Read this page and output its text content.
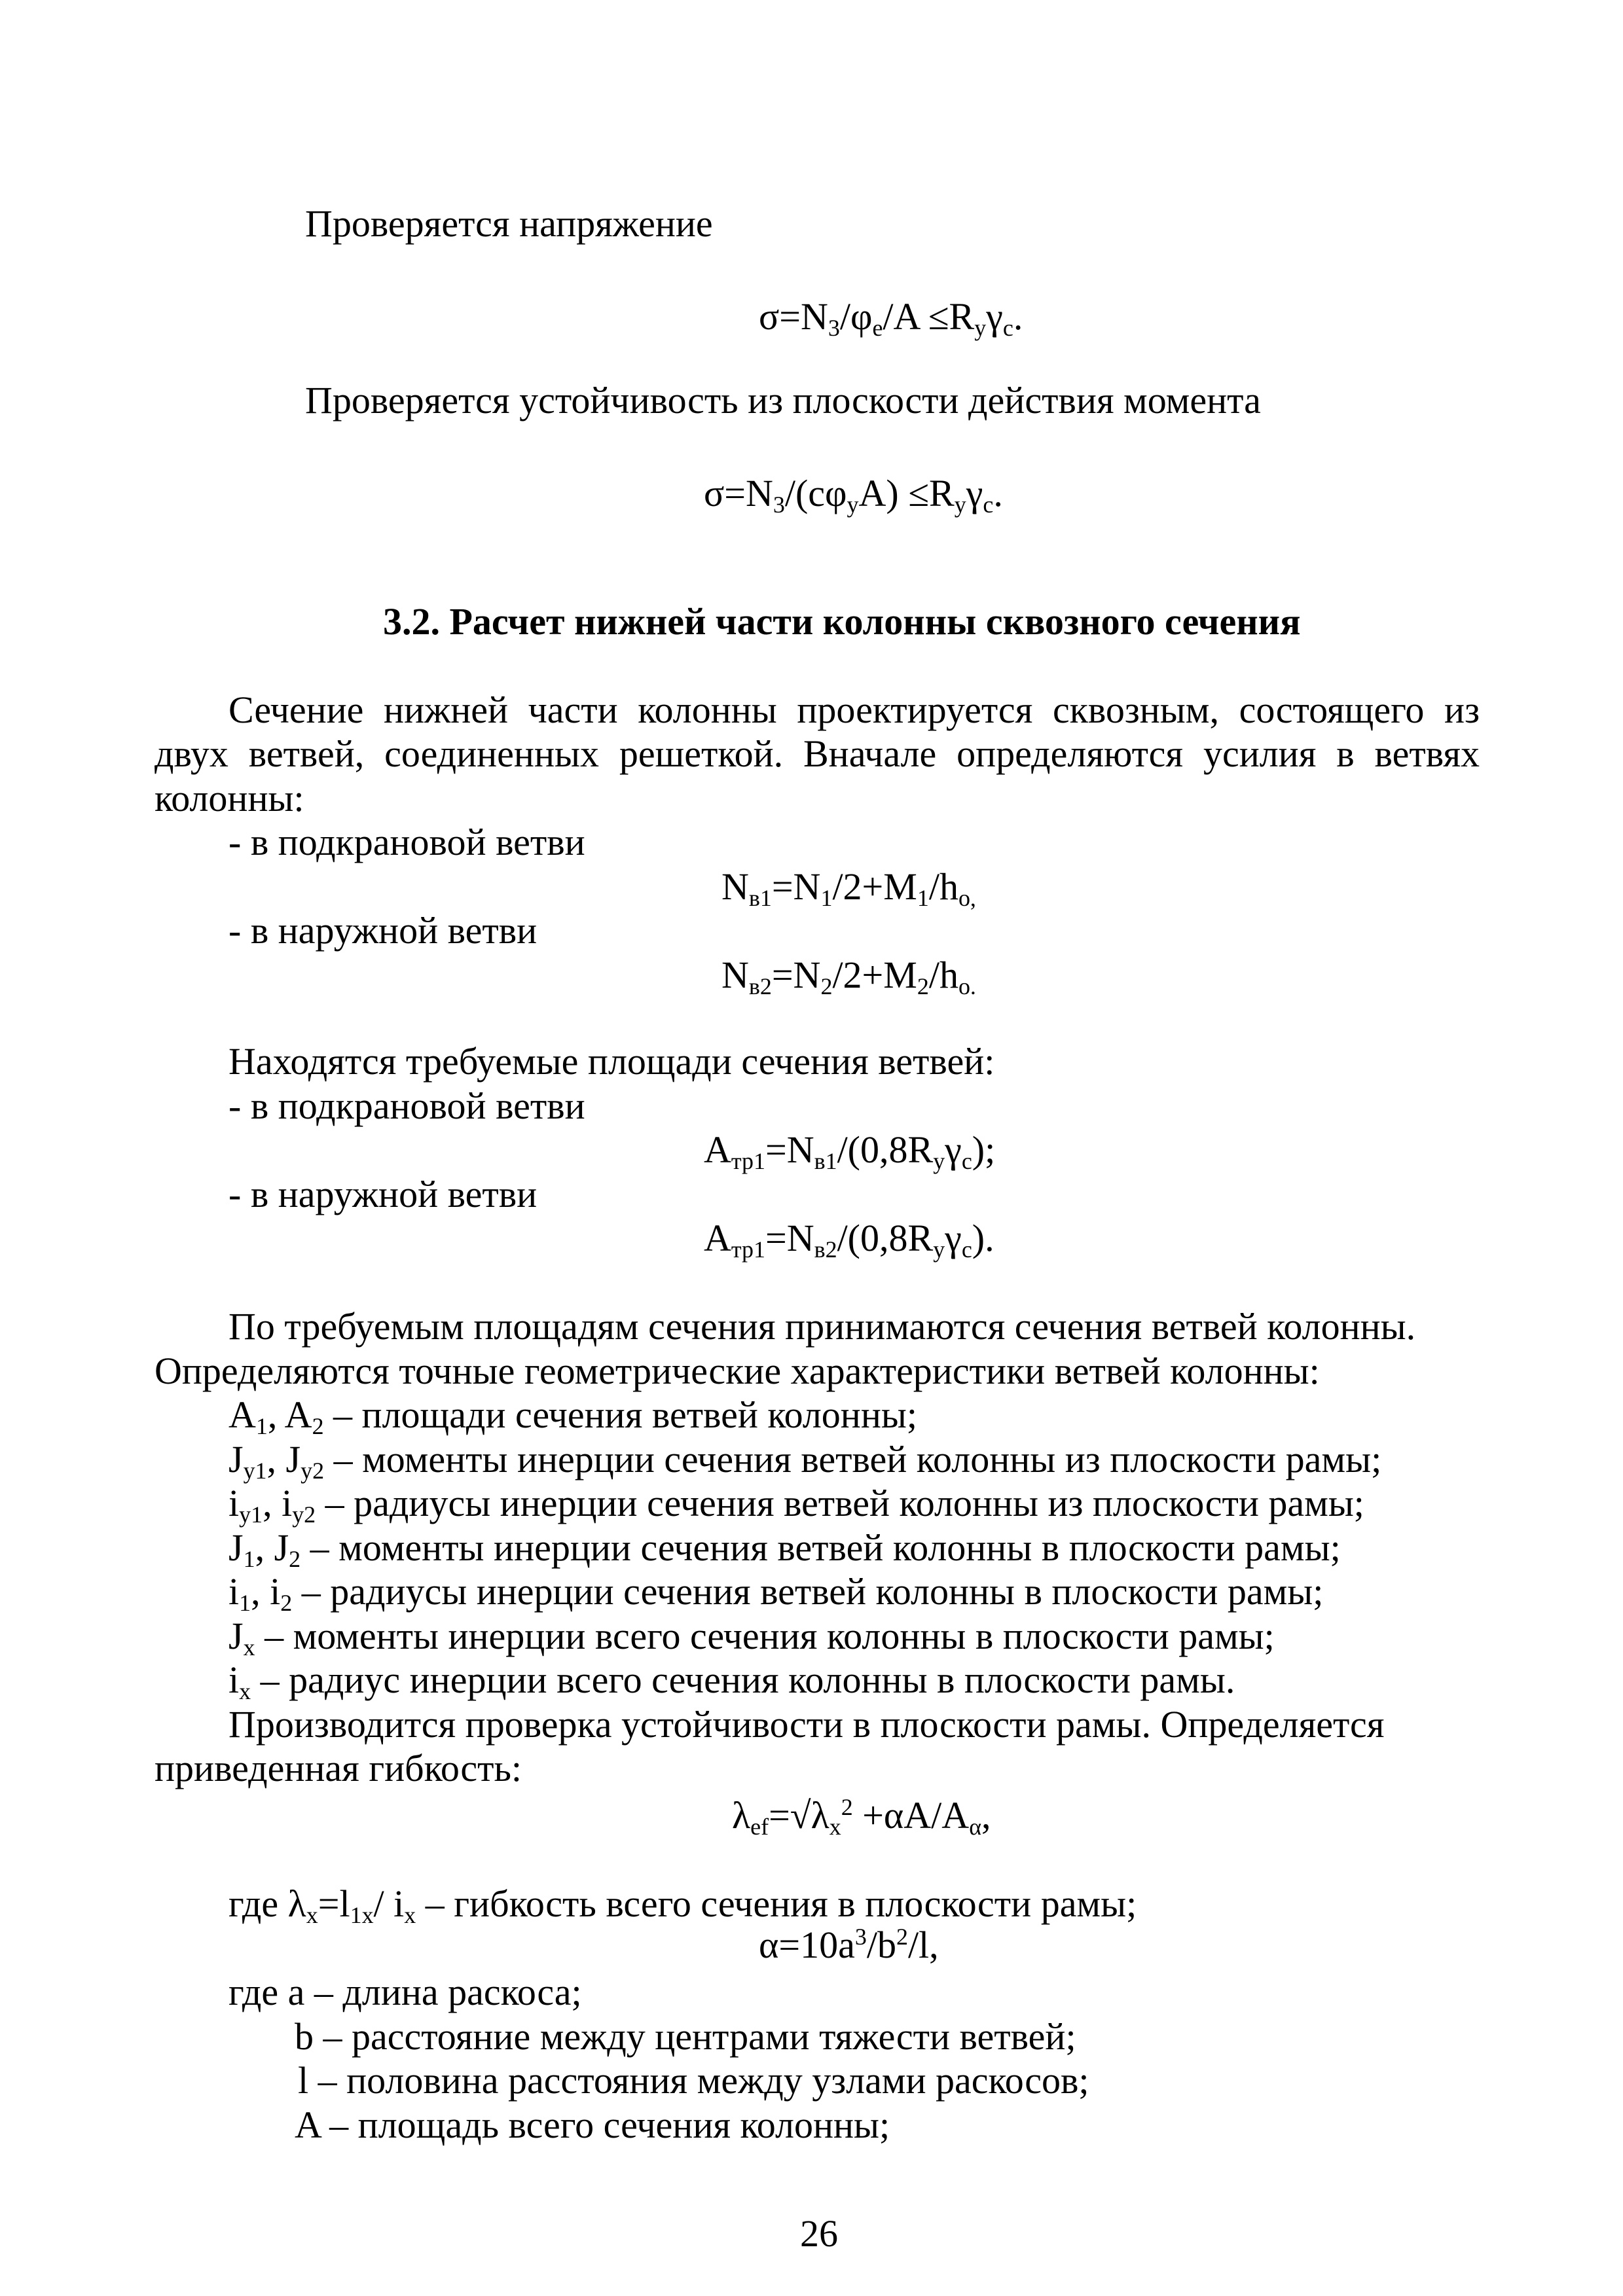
Проверяется напряжение
$\sigma=N_3/\varphi_e/A \le R_y\gamma_c$.
Проверяется устойчивость из плоскости действия момента
$\sigma=N_3/(c\varphi_yA) \le R_y\gamma_c$.
3.2. Расчет нижней части колонны сквозного сечения
Сечение нижней части колонны проектируется сквозным, состоящего из
двух ветвей, соединенных решеткой. Вначале определяются усилия в ветвях
колонны:
- в подкрановой ветви
$N_{в1}=N_1/2+M_1/h_{o,}$
- в наружной ветви
$N_{в2}=N_2/2+M_2/h_{o.}$
Находятся требуемые площади сечения ветвей:
- в подкрановой ветви
$A_{тр1}=N_{в1}/(0,8R_y\gamma_c)$;
- в наружной ветви
$A_{тр1}=N_{в2}/(0,8R_y\gamma_c)$.
По требуемым площадям сечения принимаются сечения ветвей колонны.
Определяются точные геометрические характеристики ветвей колонны:
$A_1$, $A_2$ – площади сечения ветвей колонны;
$J_{y1}$, $J_{y2}$ – моменты инерции сечения ветвей колонны из плоскости рамы;
$i_{y1}$, $i_{y2}$ – радиусы инерции сечения ветвей колонны из плоскости рамы;
$J_1$, $J_2$ – моменты инерции сечения ветвей колонны в плоскости рамы;
$i_1$, $i_2$ – радиусы инерции сечения ветвей колонны в плоскости рамы;
$J_x$ – моменты инерции всего сечения колонны в плоскости рамы;
$i_x$ – радиус инерции всего сечения колонны в плоскости рамы.
Производится проверка устойчивости в плоскости рамы. Определяется
приведенная гибкость:
$\lambda_{ef}=√\lambda_x^2 +\alpha A/A_\alpha$,
где $\lambda_x=l_{1x}/$ $i_x$ – гибкость всего сечения в плоскости рамы;
$\alpha=10a^3/b^2/l$,
где a – длина раскоса;
b – расстояние между центрами тяжести ветвей;
l – половина расстояния между узлами раскосов;
A – площадь всего сечения колонны;
26
